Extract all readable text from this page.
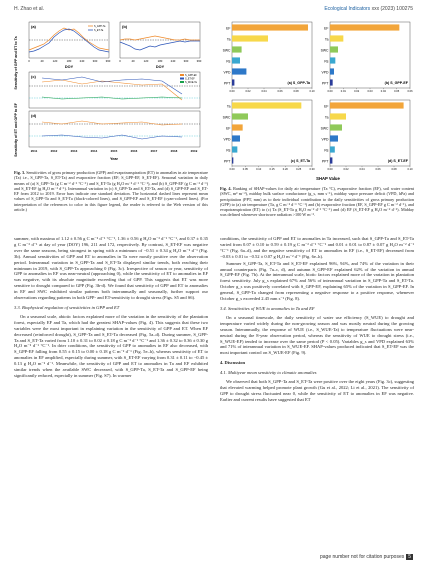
H. Zhao et al.	Ecological Indicators xxx (2023) 100275
Sensitivity of GPP and ET to Ta
Sensitivity of ET and GPP to EF
(a)	S_GPP-Ta
S_ET-Ta
(b)
0	40	120	180	240	300	360	0	40	120	180	240	300	360
DOY	DOY
(c)	S_GPP-EF
S_ET-EF
S_WUE-Ta
(d)
2011	2012	2013	2014	2015	2016	2017	2018	2019
Year
Fig. 3. Sensitivities of gross primary production (GPP) and evapotranspiration (ET) to anomalies in air temperature (Ta) i.e., S_GPP-Ta, S_ET-Ta) and evaporative fraction (EF; S_GPP-EF, S_ET-EF). Seasonal variation in daily means of (a) S_GPP-Ta (g C m⁻² d⁻¹ °C⁻¹) and S_ET-Ta (g H₂O m⁻² d⁻¹ °C⁻¹), and (b) S_GPP-EF (g C m⁻² d⁻¹) and S_ET-EF (g H₂O m⁻² d⁻¹). Interannual variation in (c) S_GPP-Ta and S_ET-Ta, and (d) S_GPP-EF and S_ET-EF from 2012 to 2019. Error bars indicate one standard deviation. The horizontal dashed lines represent mean values of S_GPP-Ta and S_ET-Ta (black-colored lines), and S_GPP-EF and S_ET-EF (cyan-colored lines). (For interpretation of the references to color in this figure legend, the reader is referred to the Web version of this article.)

summer, with maxima of 1.12 ± 0.56 g C m⁻² d⁻¹ °C⁻¹, 1.36 ± 0.56 g H₂O m⁻² d⁻¹ °C⁻¹, and 0.37 ± 0.35 g C m⁻² d⁻¹ at day of year (DOY) 196, 211 and 172, respectively. By contrast, S_ET-EF was negative over the same seasons, being strongest in spring with a minimum of −0.51 ± 0.34 g H₂O m⁻² d⁻¹ (Fig. 3b). Annual sensitivities of GPP and ET to anomalies in Ta were mostly positive over the observation period. Interannual variation in S_GPP-Ta and S_ET-Ta displayed similar trends, both reaching their minimum in 2019, with S_GPP-Ta approaching 0 (Fig. 3c). Irrespective of season or year, sensitivity of GPP to anomalies in EF was near-neutral (approaching 0), while the sensitivity of ET to anomalies in EF was negative, with its absolute magnitude exceeding that of GPP. This suggests that ET was more sensitive to drought compared to GPP (Fig. 3b-d). We found that sensitivity of GPP and ET to anomalies in EF and SWC exhibited similar patterns both interannually and seasonally, further support our observations regarding patterns in both GPP- and ET-sensitivity to drought stress (Figs. S5 and S6).

3.3. Biophysical regulation of sensitivities in GPP and ET

On a seasonal scale, abiotic factors explained more of the variation in the sensitivity of the plantation forest, especially EF and Ta, which had the greatest SHAP-values (Fig. 4). This suggests that these two variables were the most important in explaining variation in the sensitivity of GPP and ET. When EF decreased (reinforced drought), S_GPP-Ta and S_ET-Ta decreased (Fig. 5a–d). During summer, S_GPP-Ta and S_ET-Ta varied from 1.10 ± 0.31 to 0.02 ± 0.18 g C m⁻² d⁻¹ °C⁻¹ and 1.36 ± 0.32 to 0.36 ± 0.30 g H₂O m⁻² d⁻¹ °C⁻¹. In drier conditions, the sensitivity of GPP to anomalies in EF also decreased, with S_GPP-EF falling from 0.55 ± 0.15 to 0.00 ± 0.18 g C m⁻² d⁻¹ (Fig. 5e–h), whereas sensitivity of ET to anomalies in EF amplified, especially during summer, with S_ET-EF varying from 0.31 ± 0.11 to −0.45 ± 0.13 g H₂O m⁻² d⁻¹. Meanwhile, the sensitivity of GPP and ET to anomalies in Ta and EF exhibited similar trends when the available SWC decreased, with S_GPP-Ta, S_ET-Ta and S_GPP-EF being significantly reduced, especially in summer (Fig. S7). In warmer

SHAP Value
EF
Ta
SWC
Rs
VPD
PPT	(a) S_GPP-Ta
0.00	0.02	0.04	0.06	0.08	0.10
EF
Ta
SWC
Rs
VPD
PPT	(b) S_GPP-EF
0.00	0.01	0.02	0.03	0.04	0.05	0.06
Ta
SWC
EF
VPD
Rs
PPT	(c) S_ET-Ta
0.00	0.05	0.10	0.15	0.20	0.25	0.30
EF
Ta
SWC
VPD
Rs
PPT	(d) S_ET-EF
0.00	0.02	0.04	0.06	0.08	0.10
Fig. 4. Ranking of SHAP-values for daily air temperature (Ta °C), evaporative fraction (EF), soil water content (SWC, m³ m⁻³), midday bulk surface conductance (g_s, mm s⁻¹), midday vapor pressure deficit (VPD, hPa) and precipitation (PPT, mm) as to their individual contribution to the daily sensitivities of gross primary production (GPP) to (a) air temperature (Ta, g C m⁻² d⁻¹ °C⁻¹) and (b) evaporative fraction (EF, S_GPP-EF g C m⁻² d⁻¹), and evapotranspiration (ET) to (c) Ta (S_ET-Ta g H₂O m⁻² d⁻¹ °C⁻¹) and (d) EF (S_ET-EF g H₂O m⁻² d⁻¹). Midday was defined whenever shortwave radiation >100 W m⁻².

conditions, the sensitivity of GPP and ET to anomalies in Ta increased, such that S_GPP-Ta and S_ET-Ta varied from 0.07 ± 0.10 to 0.59 ± 0.19 g C m⁻² d⁻¹ °C⁻¹ and 0.01 ± 0.01 to 0.87 ± 0.07 g H₂O m⁻² d⁻¹ °C⁻¹ (Fig. 6a–d), and the negative sensitivity of ET to anomalies in EF (i.e., S_ET-EF) decreased from −0.03 ± 0.01 to −0.52 ± 0.07 g H₂O m⁻² d⁻¹ (Fig. 6e–h).

Summer S_GPP-Ta, S_ET-Ta and S_ET-EF explained 96%, 94%, and 74% of the variation in their annual counterparts (Fig. 7a–c, d), and autumn S_GPP-EF explained 62% of the variation in annual S_GPP-EF (Fig. 7b). At the interannual scale, biotic factors explained more of the variation in plantation forest sensitivity. July g_s explained 67% and 56% of interannual variation in S_GPP-Ta and S_ET-Ta. October g_s was positively correlated with S_GPP-EF, explaining 65% of the variation in S_GPP-EF. In general, S_GPP-Ta changed from representing a negative response to a positive response, whenever October g_s exceeded 2.45 mm s⁻¹ (Fig. 8).

3.4. Sensitivities of WUE to anomalies in Ta and EF

On a seasonal timescale, the daily sensitivity of water use efficiency (S_WUE) to drought and temperature varied widely during the non-growing season and was mostly neutral during the growing season. Interannually, the response of WUE (i.e., S_WUE-Ta) to temperature fluctuations were near-neutral during the 8-year observation period, whereas the sensitivity of WUE to drought stress (i.e., S_WUE-EF) tended to increase over the same period (P < 0.05). Variables g_s and VPD explained 63% and 71% of interannual variation in S_WUE-EF. SHAP-values produced indicated that S_ET-EF was the most important control on S_WUE-EF (Fig. 9).

4. Discussion
4.1. Multiyear mean sensitivity to climatic anomalies

We observed that both S_GPP-Ta and S_ET-Ta were positive over the eight years (Fig. 3c), suggesting that elevated warming helped promote plant growth (Gu et al., 2022; Li et al., 2021). The sensitivity of GPP to drought stress fluctuated near 0, while the sensitivity of ET to anomalies in EF was negative. Earlier and current results have suggested that ET

page number not for citation purposes 5
